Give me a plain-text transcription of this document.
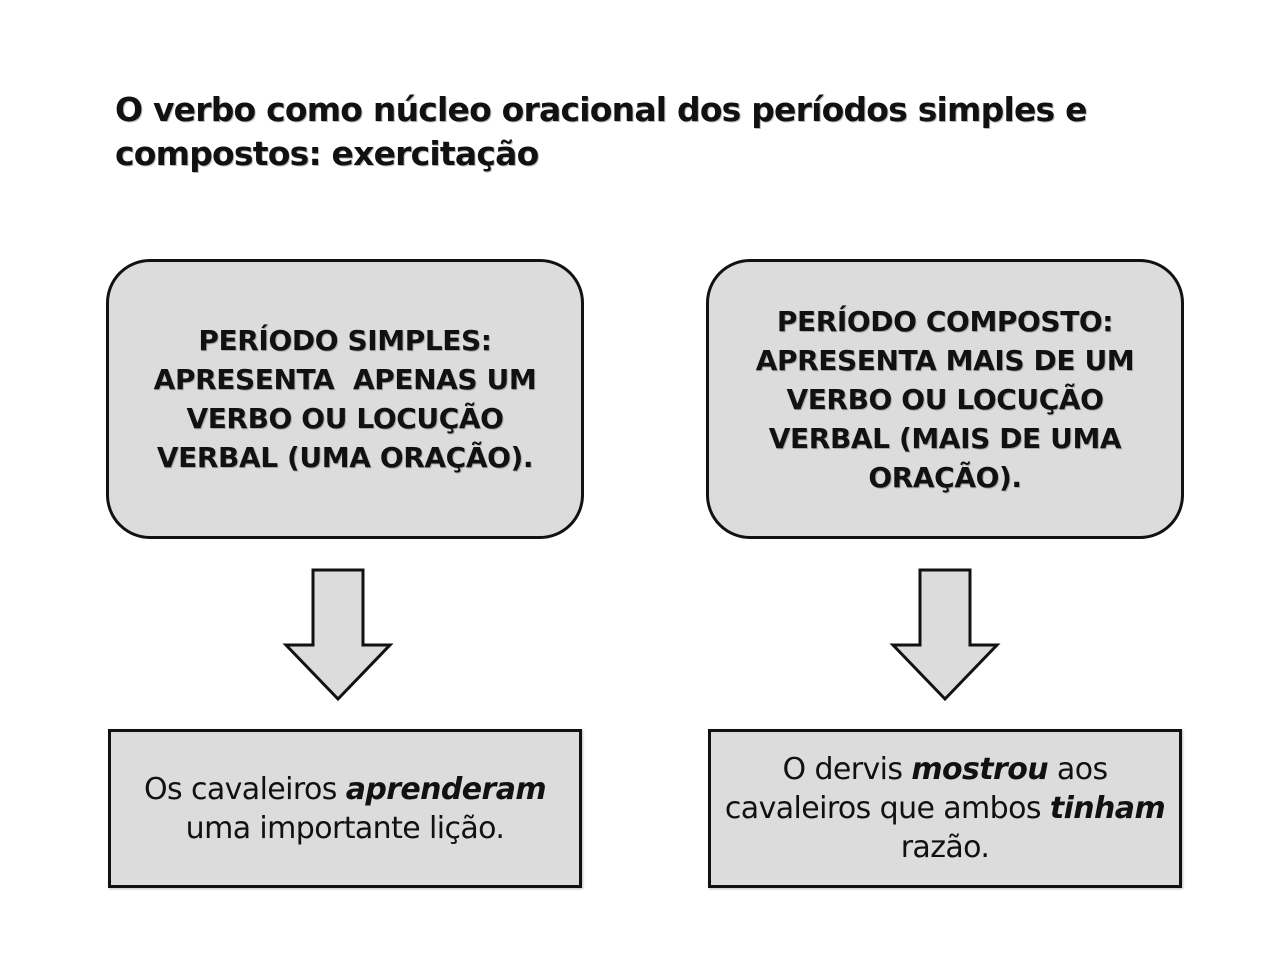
O verbo como núcleo oracional dos períodos simples e compostos: exercitação
PERÍODO SIMPLES:
APRESENTA  APENAS UM
VERBO OU LOCUÇÃO
VERBAL (UMA ORAÇÃO).
PERÍODO COMPOSTO:
APRESENTA MAIS DE UM
VERBO OU LOCUÇÃO
VERBAL (MAIS DE UMA
ORAÇÃO).
Os cavaleiros aprenderam uma importante lição.
O dervis mostrou aos cavaleiros que ambos tinham razão.
